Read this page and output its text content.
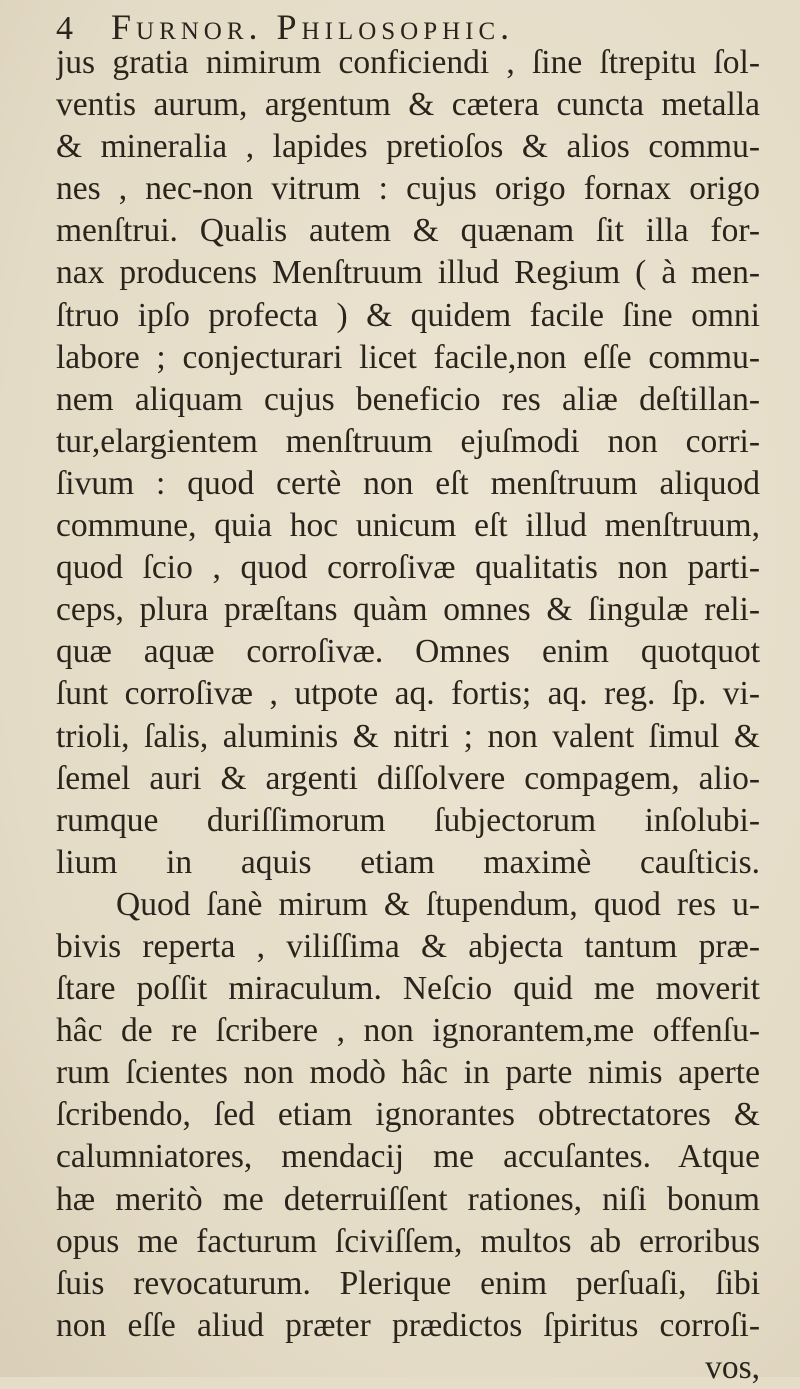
4 Furnor. Philosophic.
jus gratia nimirum conficiendi , ſine ſtrepitu ſol-
ventis aurum, argentum & cætera cuncta metalla
& mineralia , lapides pretioſos & alios commu-
nes , nec-non vitrum : cujus origo fornax origo
menſtrui. Qualis autem & quænam ſit illa for-
nax producens Menſtruum illud Regium ( à men-
ſtruo ipſo profecta ) & quidem facile ſine omni
labore ; conjecturari licet facile,non eſſe commu-
nem aliquam cujus beneficio res aliæ deſtillan-
tur,elargientem menſtruum ejuſmodi non corri-
ſivum : quod certè non eſt menſtruum aliquod
commune, quia hoc unicum eſt illud menſtruum,
quod ſcio , quod corroſivæ qualitatis non parti-
ceps, plura præſtans quàm omnes & ſingulæ reli-
quæ aquæ corroſivæ. Omnes enim quotquot
ſunt corroſivæ , utpote aq. fortis; aq. reg. ſp. vi-
trioli, ſalis, aluminis & nitri ; non valent ſimul &
ſemel auri & argenti diſſolvere compagem, alio-
rumque duriſſimorum ſubjectorum inſolubi-
lium in aquis etiam maximè cauſticis.
Quod ſanè mirum & ſtupendum, quod res u-
bivis reperta , viliſſima & abjecta tantum præ-
ſtare poſſit miraculum. Neſcio quid me moverit
hâc de re ſcribere , non ignorantem,me offenſu-
rum ſcientes non modò hâc in parte nimis aperte
ſcribendo, ſed etiam ignorantes obtrectatores &
calumniatores, mendacij me accuſantes. Atque
hæ meritò me deterruiſſent rationes, niſi bonum
opus me facturum ſciviſſem, multos ab erroribus
ſuis revocaturum. Plerique enim perſuaſi, ſibi
non eſſe aliud præter prædictos ſpiritus corroſi-
vos,
